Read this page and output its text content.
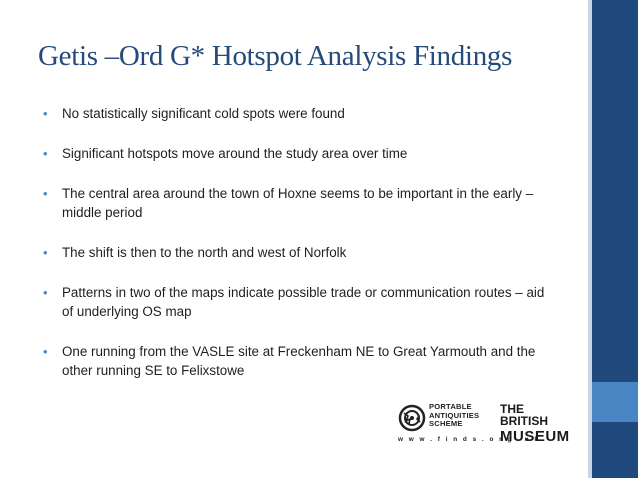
Getis –Ord G* Hotspot Analysis Findings
• No statistically significant cold spots were found
• Significant hotspots move around the study area over time
• The central area around the town of Hoxne seems to be important in the early – middle period
• The shift is then to the north and west of Norfolk
• Patterns in two of the maps indicate possible trade or communication routes – aid of underlying OS map
• One running from the VASLE site at Freckenham NE to Great Yarmouth and the other running SE to Felixstowe
PORTABLE
ANTIQUITIES
SCHEME
w w w . f i n d s . o r g . u k
THE
BRITISH
MUSEUM
